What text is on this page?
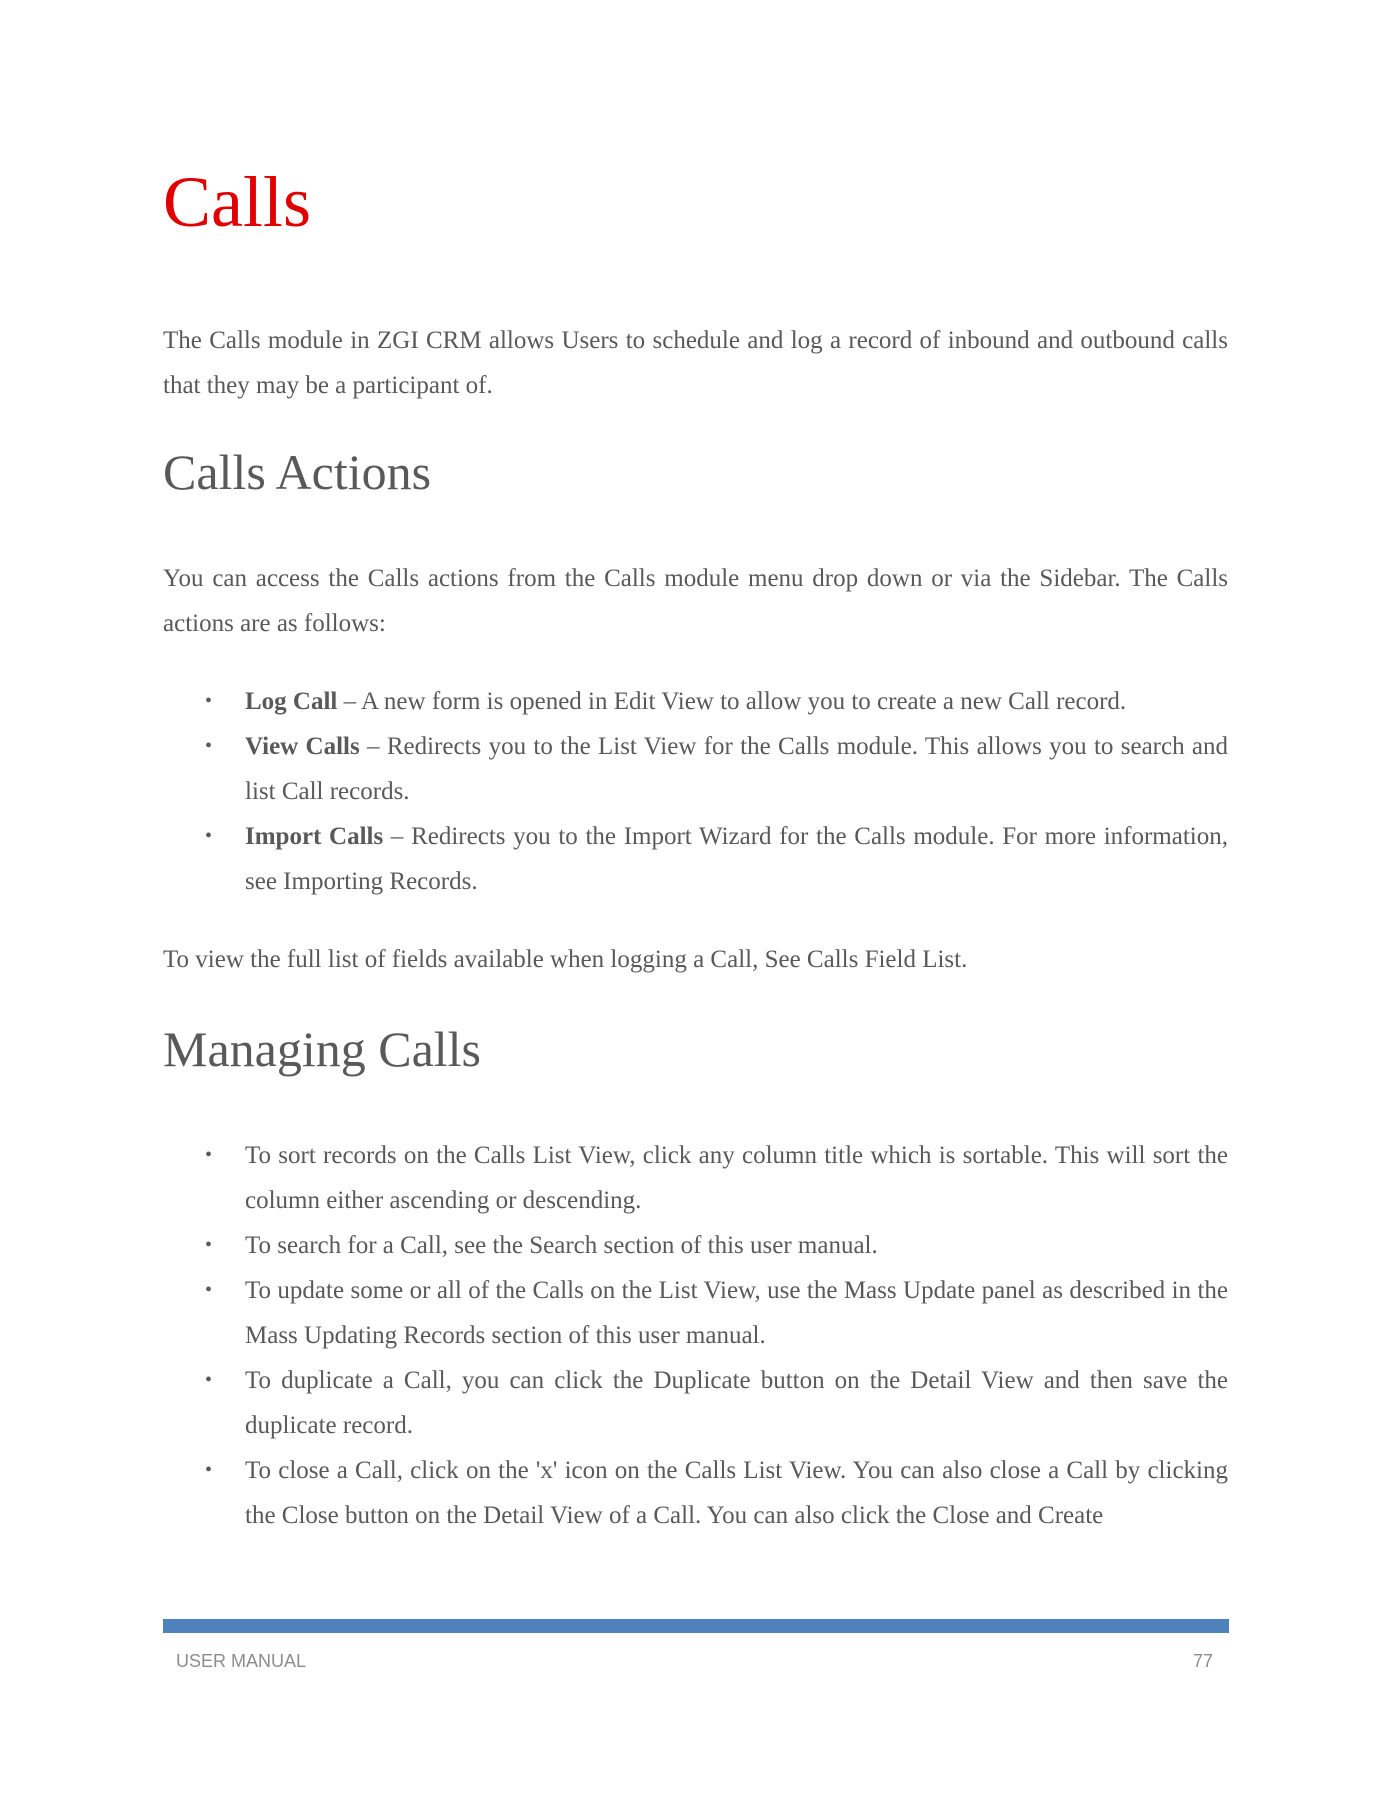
Calls

The Calls module in ZGI CRM allows Users to schedule and log a record of inbound and outbound calls that they may be a participant of.

Calls Actions

You can access the Calls actions from the Calls module menu drop down or via the Sidebar. The Calls actions are as follows:

• Log Call – A new form is opened in Edit View to allow you to create a new Call record.
• View Calls – Redirects you to the List View for the Calls module. This allows you to search and list Call records.
• Import Calls – Redirects you to the Import Wizard for the Calls module. For more information, see Importing Records.

To view the full list of fields available when logging a Call, See Calls Field List.

Managing Calls
• To sort records on the Calls List View, click any column title which is sortable. This will sort the column either ascending or descending.
• To search for a Call, see the Search section of this user manual.
• To update some or all of the Calls on the List View, use the Mass Update panel as described in the Mass Updating Records section of this user manual.
• To duplicate a Call, you can click the Duplicate button on the Detail View and then save the duplicate record.
• To close a Call, click on the 'x' icon on the Calls List View. You can also close a Call by clicking the Close button on the Detail View of a Call. You can also click the Close and Create
USER MANUAL	77
